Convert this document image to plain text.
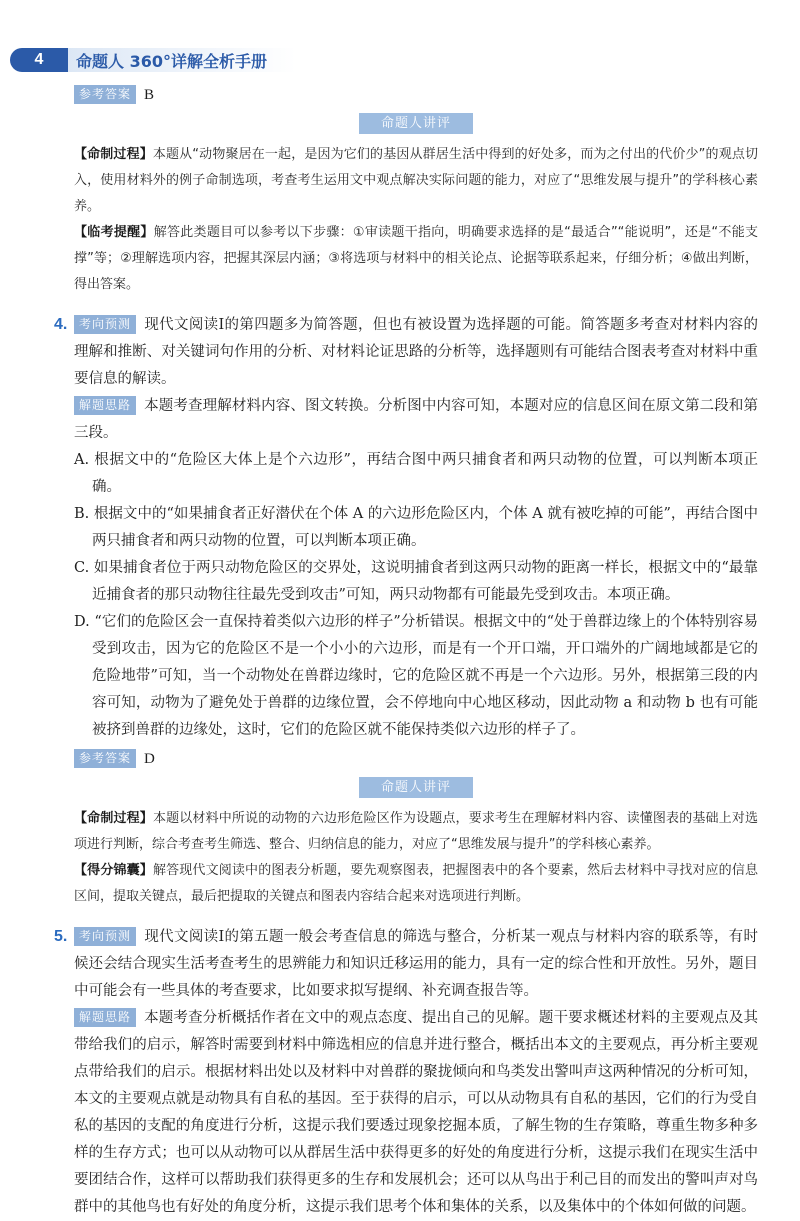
4	命题人 360°详解全析手册

参考答案 B

命题人讲评

【命制过程】本题从“动物聚居在一起，是因为它们的基因从群居生活中得到的好处多，而为之付出的代价少”的观点切入，使用材料外的例子命制选项，考查考生运用文中观点解决实际问题的能力，对应了“思维发展与提升”的学科核心素养。

【临考提醒】解答此类题目可以参考以下步骤：①审读题干指向，明确要求选择的是“最适合”“能说明”，还是“不能支撑”等；②理解选项内容，把握其深层内涵；③将选项与材料中的相关论点、论据等联系起来，仔细分析；④做出判断，得出答案。

4. 考向预测 现代文阅读Ⅰ的第四题多为简答题，但也有被设置为选择题的可能。简答题多考查对材料内容的理解和推断、对关键词句作用的分析、对材料论证思路的分析等，选择题则有可能结合图表考查对材料中重要信息的解读。

解题思路 本题考查理解材料内容、图文转换。分析图中内容可知，本题对应的信息区间在原文第二段和第三段。

A. 根据文中的“危险区大体上是个六边形”，再结合图中两只捕食者和两只动物的位置，可以判断本项正确。

B. 根据文中的“如果捕食者正好潜伏在个体 A 的六边形危险区内，个体 A 就有被吃掉的可能”，再结合图中两只捕食者和两只动物的位置，可以判断本项正确。

C. 如果捕食者位于两只动物危险区的交界处，这说明捕食者到这两只动物的距离一样长，根据文中的“最靠近捕食者的那只动物往往最先受到攻击”可知，两只动物都有可能最先受到攻击。本项正确。

D. “它们的危险区会一直保持着类似六边形的样子”分析错误。根据文中的“处于兽群边缘上的个体特别容易受到攻击，因为它的危险区不是一个小小的六边形，而是有一个开口端，开口端外的广阔地域都是它的危险地带”可知，当一个动物处在兽群边缘时，它的危险区就不再是一个六边形。另外，根据第三段的内容可知，动物为了避免处于兽群的边缘位置，会不停地向中心地区移动，因此动物 a 和动物 b 也有可能被挤到兽群的边缘处，这时，它们的危险区就不能保持类似六边形的样子了。

参考答案 D

命题人讲评

【命制过程】本题以材料中所说的动物的六边形危险区作为设题点，要求考生在理解材料内容、读懂图表的基础上对选项进行判断，综合考查考生筛选、整合、归纳信息的能力，对应了“思维发展与提升”的学科核心素养。

【得分锦囊】解答现代文阅读中的图表分析题，要先观察图表，把握图表中的各个要素，然后去材料中寻找对应的信息区间，提取关键点，最后把提取的关键点和图表内容结合起来对选项进行判断。

5. 考向预测 现代文阅读Ⅰ的第五题一般会考查信息的筛选与整合，分析某一观点与材料内容的联系等，有时候还会结合现实生活考查考生的思辨能力和知识迁移运用的能力，具有一定的综合性和开放性。另外，题目中可能会有一些具体的考查要求，比如要求拟写提纲、补充调查报告等。

解题思路 本题考查分析概括作者在文中的观点态度、提出自己的见解。题干要求概述材料的主要观点及其带给我们的启示，解答时需要到材料中筛选相应的信息并进行整合，概括出本文的主要观点，再分析主要观点带给我们的启示。根据材料出处以及材料中对兽群的聚拢倾向和鸟类发出警叫声这两种情况的分析可知，本文的主要观点就是动物具有自私的基因。至于获得的启示，可以从动物具有自私的基因，它们的行为受自私的基因的支配的角度进行分析，这提示我们要透过现象挖掘本质，了解生物的生存策略，尊重生物多种多样的生存方式；也可以从动物可以从群居生活中获得更多的好处的角度进行分析，这提示我们在现实生活中要团结合作，这样可以帮助我们获得更多的生存和发展机会；还可以从鸟出于利己目的而发出的警叫声对鸟群中的其他鸟也有好处的角度分析，这提示我们思考个体和集体的关系，以及集体中的个体如何做的问题。
